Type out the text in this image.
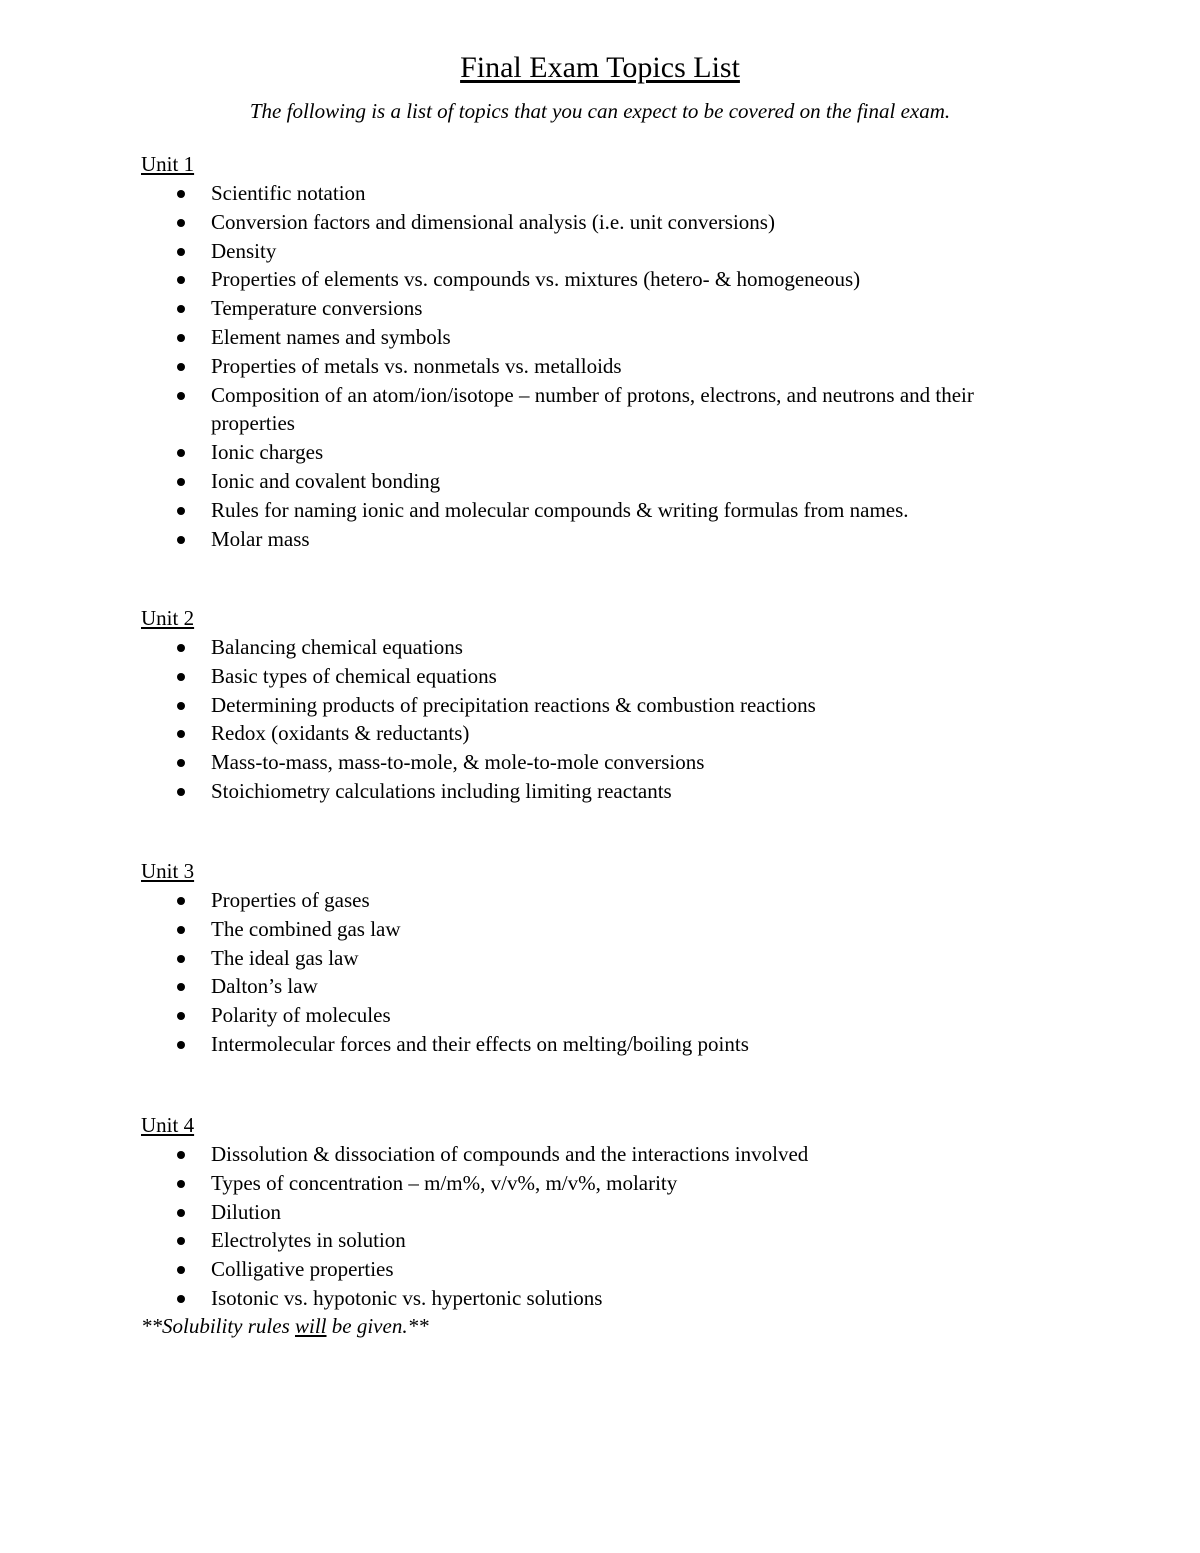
Final Exam Topics List
The following is a list of topics that you can expect to be covered on the final exam.
Unit 1
Scientific notation
Conversion factors and dimensional analysis (i.e. unit conversions)
Density
Properties of elements vs. compounds vs. mixtures (hetero- & homogeneous)
Temperature conversions
Element names and symbols
Properties of metals vs. nonmetals vs. metalloids
Composition of an atom/ion/isotope – number of protons, electrons, and neutrons and their properties
Ionic charges
Ionic and covalent bonding
Rules for naming ionic and molecular compounds & writing formulas from names.
Molar mass
Unit 2
Balancing chemical equations
Basic types of chemical equations
Determining products of precipitation reactions & combustion reactions
Redox (oxidants & reductants)
Mass-to-mass, mass-to-mole, & mole-to-mole conversions
Stoichiometry calculations including limiting reactants
Unit 3
Properties of gases
The combined gas law
The ideal gas law
Dalton’s law
Polarity of molecules
Intermolecular forces and their effects on melting/boiling points
Unit 4
Dissolution & dissociation of compounds and the interactions involved
Types of concentration – m/m%, v/v%, m/v%, molarity
Dilution
Electrolytes in solution
Colligative properties
Isotonic vs. hypotonic vs. hypertonic solutions
**Solubility rules will be given.**
